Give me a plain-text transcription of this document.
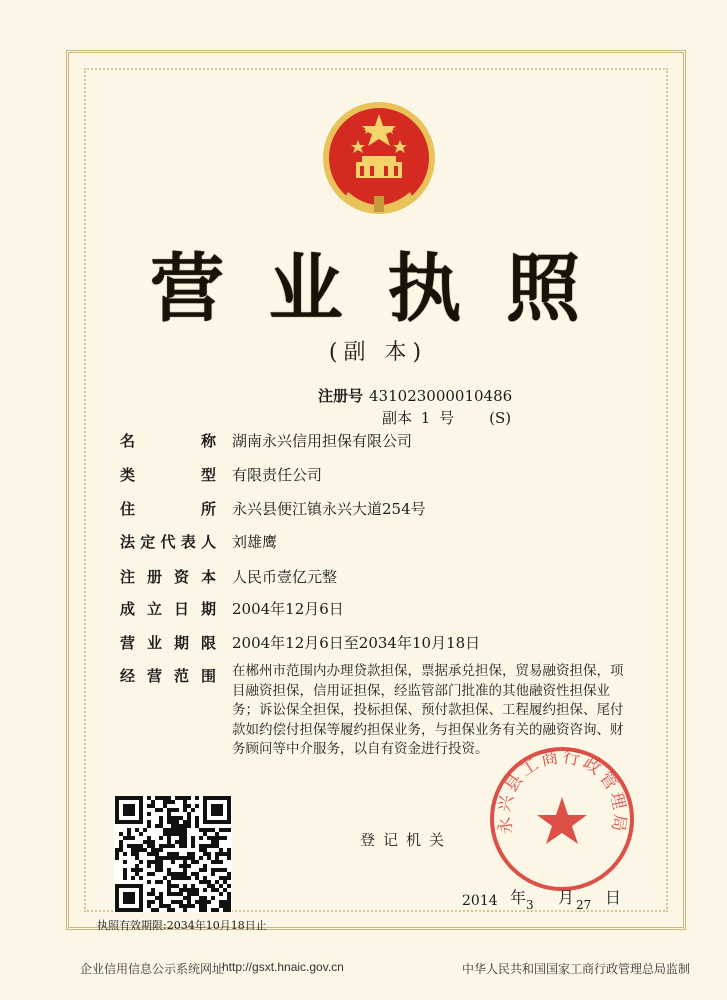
营 业 执 照
(副 本)
注册号 431023000010486
副本 1 号    (S)
名	称 湖南永兴信用担保有限公司
类	型 有限责任公司
住	所 永兴县便江镇永兴大道254号
法 定 代 表 人 刘雄鹰
注 册 资 本 人民币壹亿元整
成 立 日 期 2004年12月6日
营 业 期 限 2004年12月6日至2034年10月18日
经 营 范 围 在郴州市范围内办理贷款担保，票据承兑担保，贸易融资担保，项目融资担保，信用证担保，经监管部门批准的其他融资性担保业务；诉讼保全担保，投标担保、预付款担保、工程履约担保、尾付款如约偿付担保等履约担保业务，与担保业务有关的融资咨询、财务顾问等中介服务，以自有资金进行投资。
执照有效期限:2034年10月18日止
登记机关
永兴县工商行政管理局
2014 年 3 月 27 日
企业信用信息公示系统网址
http://gsxt.hnaic.gov.cn	中华人民共和国国家工商行政管理总局监制
